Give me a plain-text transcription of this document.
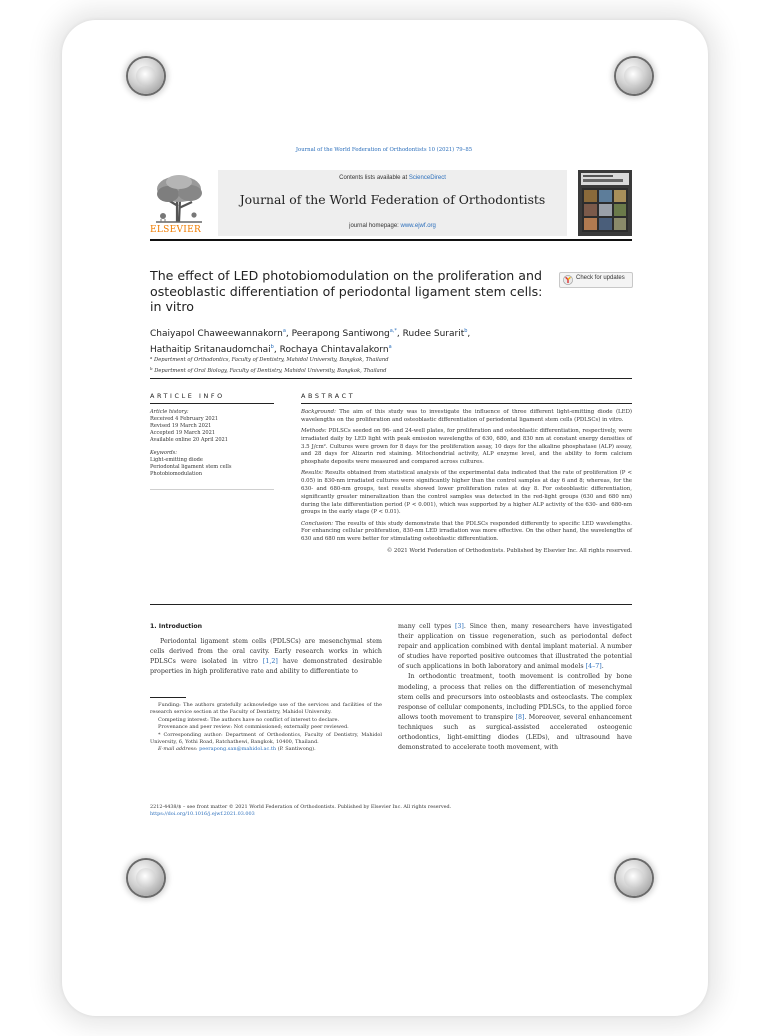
Journal of the World Federation of Orthodontists 10 (2021) 79–85
ELSEVIER
Contents lists available at ScienceDirect
Journal of the World Federation of Orthodontists
journal homepage: www.ejwf.org
Check for updates
The effect of LED photobiomodulation on the proliferation and osteoblastic differentiation of periodontal ligament stem cells: in vitro
Chaiyapol Chaweewannakorn$^a$, Peerapong Santiwong$^{a,*}$, Rudee Surarit$^b$,
Hathaitip Sritanaudomchai$^b$, Rochaya Chintavalakorn$^a$
$^a$ Department of Orthodontics, Faculty of Dentistry, Mahidol University, Bangkok, Thailand
$^b$ Department of Oral Biology, Faculty of Dentistry, Mahidol University, Bangkok, Thailand
ARTICLE INFO	ABSTRACT
Article history:
Received 4 February 2021
Revised 19 March 2021
Accepted 19 March 2021
Available online 20 April 2021
Keywords:
Light-emitting diode
Periodontal ligament stem cells
Photobiomodulation

Background: The aim of this study was to investigate the influence of three different light-emitting diode (LED) wavelengths on the proliferation and osteoblastic differentiation of periodontal ligament stem cells (PDLSCs) in vitro.

Methods: PDLSCs seeded on 96- and 24-well plates, for proliferation and osteoblastic differentiation, respectively, were irradiated daily by LED light with peak emission wavelengths of 630, 680, and 830 nm at constant energy densities of 3.5 J/cm². Cultures were grown for 8 days for the proliferation assay, 10 days for the alkaline phosphatase (ALP) assay, and 28 days for Alizarin red staining. Mitochondrial activity, ALP enzyme level, and the ability to form calcium phosphate deposits were measured and compared across cultures.

Results: Results obtained from statistical analysis of the experimental data indicated that the rate of proliferation (P < 0.05) in 830-nm irradiated cultures were significantly higher than the control samples at day 6 and 8; whereas, for the 630- and 680-nm groups, test results showed lower proliferation rates at day 8. For osteoblastic differentiation, significantly greater mineralization than the control samples was detected in the red-light groups (630 and 680 nm) during the late differentiation period (P < 0.001), which was supported by a higher ALP activity of the 630- and 680-nm groups in the early stage (P < 0.01).

Conclusion: The results of this study demonstrate that the PDLSCs responded differently to specific LED wavelengths. For enhancing cellular proliferation, 830-nm LED irradiation was more effective. On the other hand, the wavelengths of 630 and 680 nm were better for stimulating osteoblastic differentiation.

© 2021 World Federation of Orthodontists. Published by Elsevier Inc. All rights reserved.

1. Introduction
Periodontal ligament stem cells (PDLSCs) are mesenchymal stem cells derived from the oral cavity. Early research works in which PDLSCs were isolated in vitro [1,2] have demonstrated desirable properties in high proliferative rate and ability to differentiate to

Funding: The authors gratefully acknowledge use of the services and facilities of the research service section at the Faculty of Dentistry, Mahidol University.

Competing interest: The authors have no conflict of interest to declare.

Provenance and peer review: Not commissioned; externally peer reviewed.

* Corresponding author: Department of Orthodontics, Faculty of Dentistry, Mahidol University, 6, Yothi Road, Ratchathewi, Bangkok, 10400, Thailand.

E-mail address: peerapong.san@mahidol.ac.th (P. Santiwong).

many cell types [3]. Since then, many researchers have investigated their application on tissue regeneration, such as periodontal defect repair and application combined with dental implant material. A number of studies have reported positive outcomes that illustrated the potential of such applications in both laboratory and animal models [4–7].

In orthodontic treatment, tooth movement is controlled by bone modeling, a process that relies on the differentiation of mesenchymal stem cells and precursors into osteoblasts and osteoclasts. The complex response of cellular components, including PDLSCs, to the applied force allows tooth movement to transpire [8]. Moreover, several enhancement techniques such as surgical-assisted accelerated osteogenic orthodontics, light-emitting diodes (LEDs), and ultrasound have demonstrated to accelerate tooth movement, with

2212-4438/$ – see front matter © 2021 World Federation of Orthodontists. Published by Elsevier Inc. All rights reserved.
https://doi.org/10.1016/j.ejwf.2021.03.003
